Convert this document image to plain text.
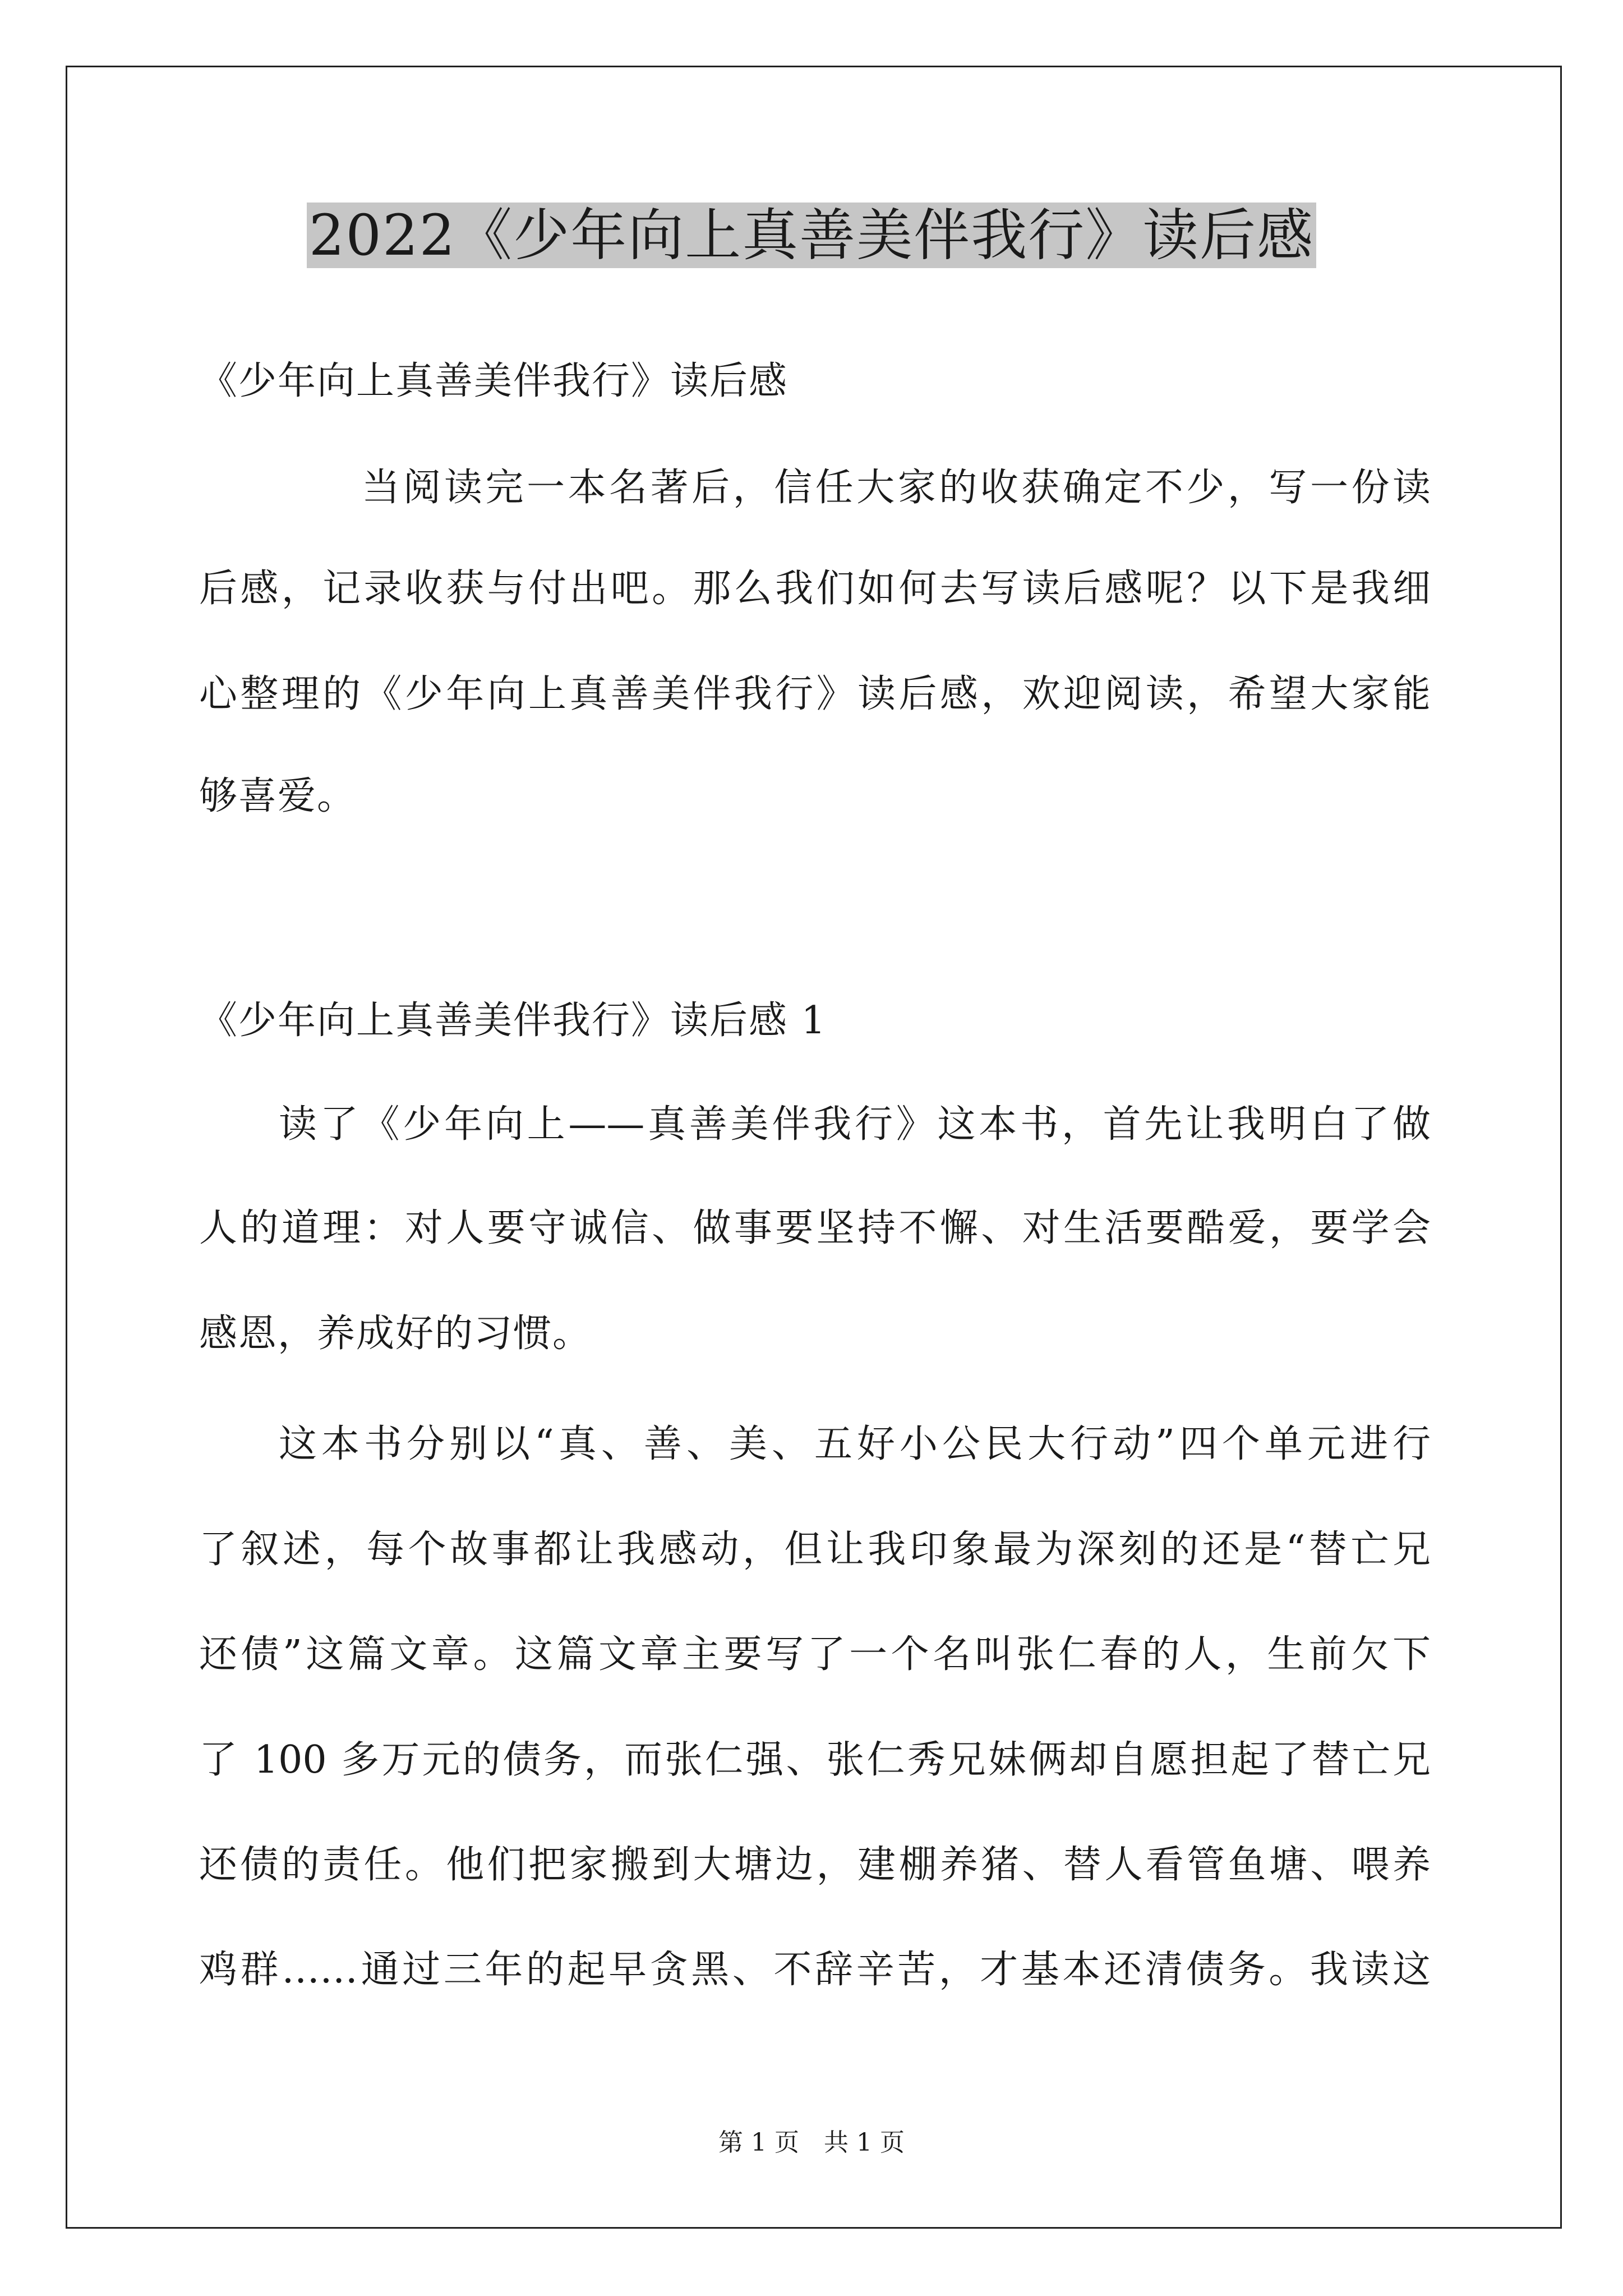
2022《少年向上真善美伴我行》读后感
《少年向上真善美伴我行》读后感
当阅读完一本名著后，信任大家的收获确定不少，写一份读
后感，记录收获与付出吧。那么我们如何去写读后感呢？以下是我细
心整理的《少年向上真善美伴我行》读后感，欢迎阅读，希望大家能
够喜爱。
《少年向上真善美伴我行》读后感 1
读了《少年向上——真善美伴我行》这本书，首先让我明白了做
人的道理：对人要守诚信、做事要坚持不懈、对生活要酷爱，要学会
感恩，养成好的习惯。
这本书分别以“真、善、美、五好小公民大行动”四个单元进行
了叙述，每个故事都让我感动，但让我印象最为深刻的还是“替亡兄
还债”这篇文章。这篇文章主要写了一个名叫张仁春的人，生前欠下
了 100 多万元的债务，而张仁强、张仁秀兄妹俩却自愿担起了替亡兄
还债的责任。他们把家搬到大塘边，建棚养猪、替人看管鱼塘、喂养
鸡群……通过三年的起早贪黑、不辞辛苦，才基本还清债务。我读这
第 1 页　共 1 页
